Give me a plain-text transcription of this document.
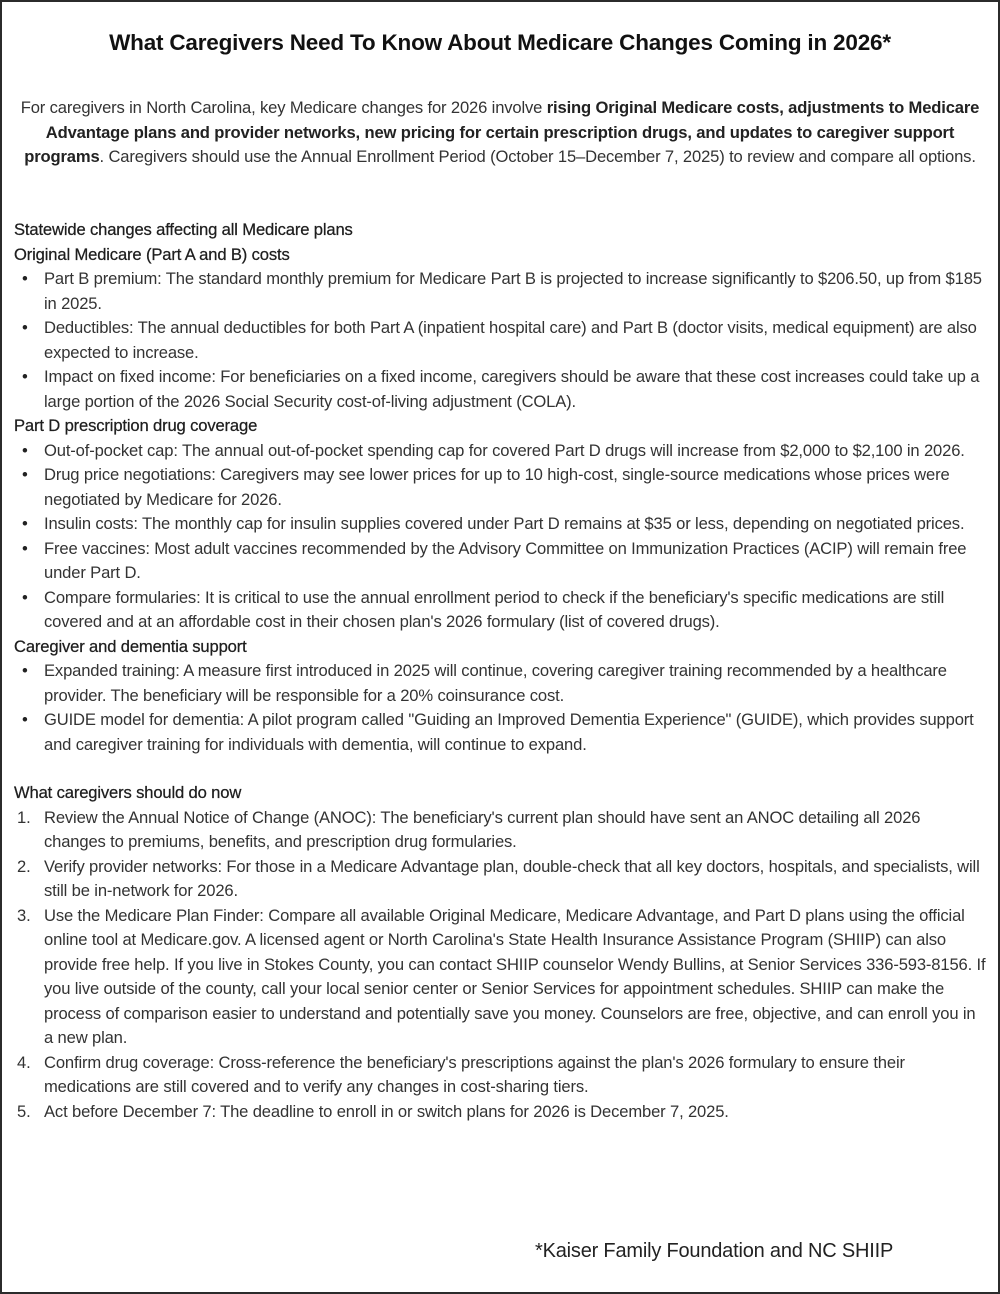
What Caregivers Need To Know About Medicare Changes Coming in 2026*

For caregivers in North Carolina, key Medicare changes for 2026 involve rising Original Medicare costs, adjustments to Medicare Advantage plans and provider networks, new pricing for certain prescription drugs, and updates to caregiver support programs. Caregivers should use the Annual Enrollment Period (October 15–December 7, 2025) to review and compare all options.

Statewide changes affecting all Medicare plans
Original Medicare (Part A and B) costs
• Part B premium: The standard monthly premium for Medicare Part B is projected to increase significantly to $206.50, up from $185 in 2025.
• Deductibles: The annual deductibles for both Part A (inpatient hospital care) and Part B (doctor visits, medical equipment) are also expected to increase.
• Impact on fixed income: For beneficiaries on a fixed income, caregivers should be aware that these cost increases could take up a large portion of the 2026 Social Security cost-of-living adjustment (COLA).
Part D prescription drug coverage
• Out-of-pocket cap: The annual out-of-pocket spending cap for covered Part D drugs will increase from $2,000 to $2,100 in 2026.
• Drug price negotiations: Caregivers may see lower prices for up to 10 high-cost, single-source medications whose prices were negotiated by Medicare for 2026.
• Insulin costs: The monthly cap for insulin supplies covered under Part D remains at $35 or less, depending on negotiated prices.
• Free vaccines: Most adult vaccines recommended by the Advisory Committee on Immunization Practices (ACIP) will remain free under Part D.
• Compare formularies: It is critical to use the annual enrollment period to check if the beneficiary's specific medications are still covered and at an affordable cost in their chosen plan's 2026 formulary (list of covered drugs).
Caregiver and dementia support
• Expanded training: A measure first introduced in 2025 will continue, covering caregiver training recommended by a healthcare provider. The beneficiary will be responsible for a 20% coinsurance cost.
• GUIDE model for dementia: A pilot program called "Guiding an Improved Dementia Experience" (GUIDE), which provides support and caregiver training for individuals with dementia, will continue to expand.
What caregivers should do now
1. Review the Annual Notice of Change (ANOC): The beneficiary's current plan should have sent an ANOC detailing all 2026 changes to premiums, benefits, and prescription drug formularies.
2. Verify provider networks: For those in a Medicare Advantage plan, double-check that all key doctors, hospitals, and specialists, will still be in-network for 2026.
3. Use the Medicare Plan Finder: Compare all available Original Medicare, Medicare Advantage, and Part D plans using the official online tool at Medicare.gov. A licensed agent or North Carolina's State Health Insurance Assistance Program (SHIIP) can also provide free help. If you live in Stokes County, you can contact SHIIP counselor Wendy Bullins, at Senior Services 336-593-8156. If you live outside of the county, call your local senior center or Senior Services for appointment schedules. SHIIP can make the process of comparison easier to understand and potentially save you money. Counselors are free, objective, and can enroll you in a new plan.
4. Confirm drug coverage: Cross-reference the beneficiary's prescriptions against the plan's 2026 formulary to ensure their medications are still covered and to verify any changes in cost-sharing tiers.
5. Act before December 7: The deadline to enroll in or switch plans for 2026 is December 7, 2025.
*Kaiser Family Foundation and NC SHIIP
